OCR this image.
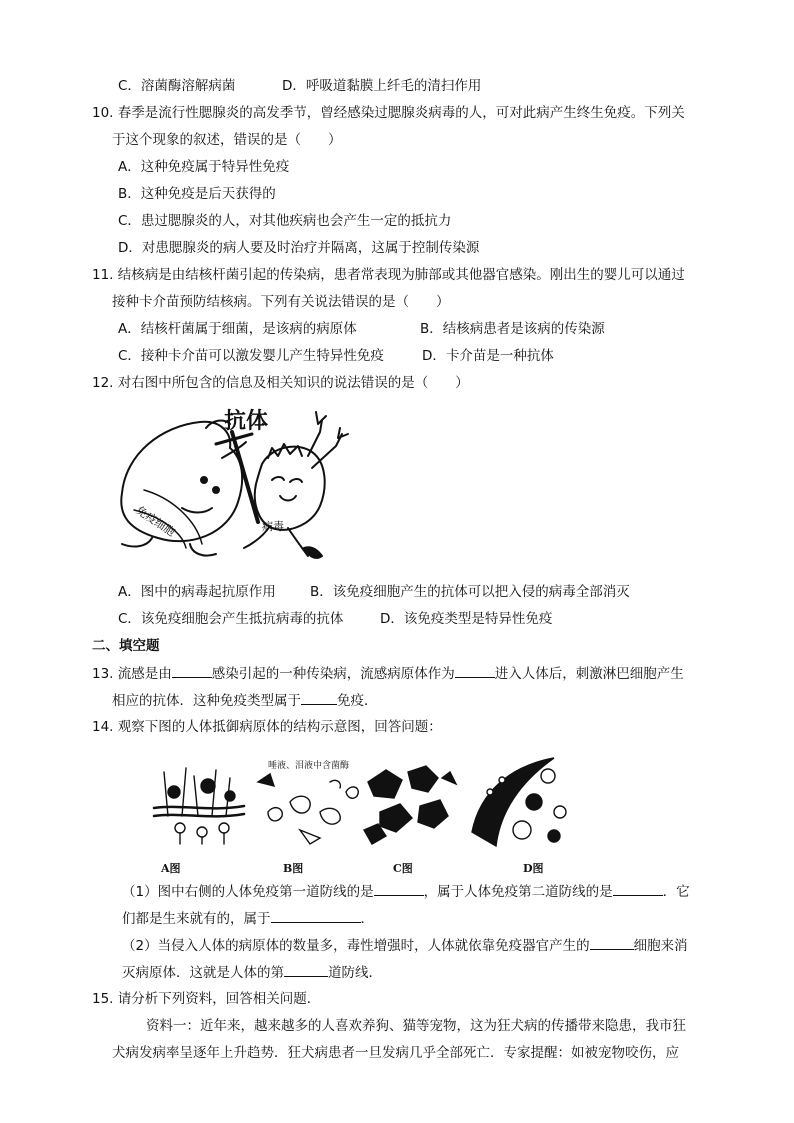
C．溶菌酶溶解病菌	D．呼吸道黏膜上纤毛的清扫作用
10. 春季是流行性腮腺炎的高发季节，曾经感染过腮腺炎病毒的人，可对此病产生终生免疫。下列关
于这个现象的叙述，错误的是（　　）
A．这种免疫属于特异性免疫
B．这种免疫是后天获得的
C．患过腮腺炎的人，对其他疾病也会产生一定的抵抗力
D．对患腮腺炎的病人要及时治疗并隔离，这属于控制传染源
11. 结核病是由结核杆菌引起的传染病，患者常表现为肺部或其他器官感染。刚出生的婴儿可以通过
接种卡介苗预防结核病。下列有关说法错误的是（　　）
A．结核杆菌属于细菌，是该病的病原体	B．结核病患者是该病的传染源
C．接种卡介苗可以激发婴儿产生特异性免疫	D．卡介苗是一种抗体
12. 对右图中所包含的信息及相关知识的说法错误的是（　　）
抗体
免疫细胞	病毒
A．图中的病毒起抗原作用	B．该免疫细胞产生的抗体可以把入侵的病毒全部消灭
C．该免疫细胞会产生抵抗病毒的抗体	D．该免疫类型是特异性免疫
二、填空题
13. 流感是由	感染引起的一种传染病，流感病原体作为	进入人体后，刺激淋巴细胞产生
相应的抗体．这种免疫类型属于	免疫．
14. 观察下图的人体抵御病原体的结构示意图，回答问题：
唾液、泪液中含菌酶
A图	B图	C图	D图
（1）图中右侧的人体免疫第一道防线的是	，属于人体免疫第二道防线的是	．它
们都是生来就有的，属于	．
（2）当侵入人体的病原体的数量多，毒性增强时，人体就依靠免疫器官产生的	细胞来消
灭病原体．这就是人体的第	道防线．
15. 请分析下列资料，回答相关问题．
资料一：近年来，越来越多的人喜欢养狗、猫等宠物，这为狂犬病的传播带来隐患，我市狂
犬病发病率呈逐年上升趋势．狂犬病患者一旦发病几乎全部死亡．专家提醒：如被宠物咬伤，应
